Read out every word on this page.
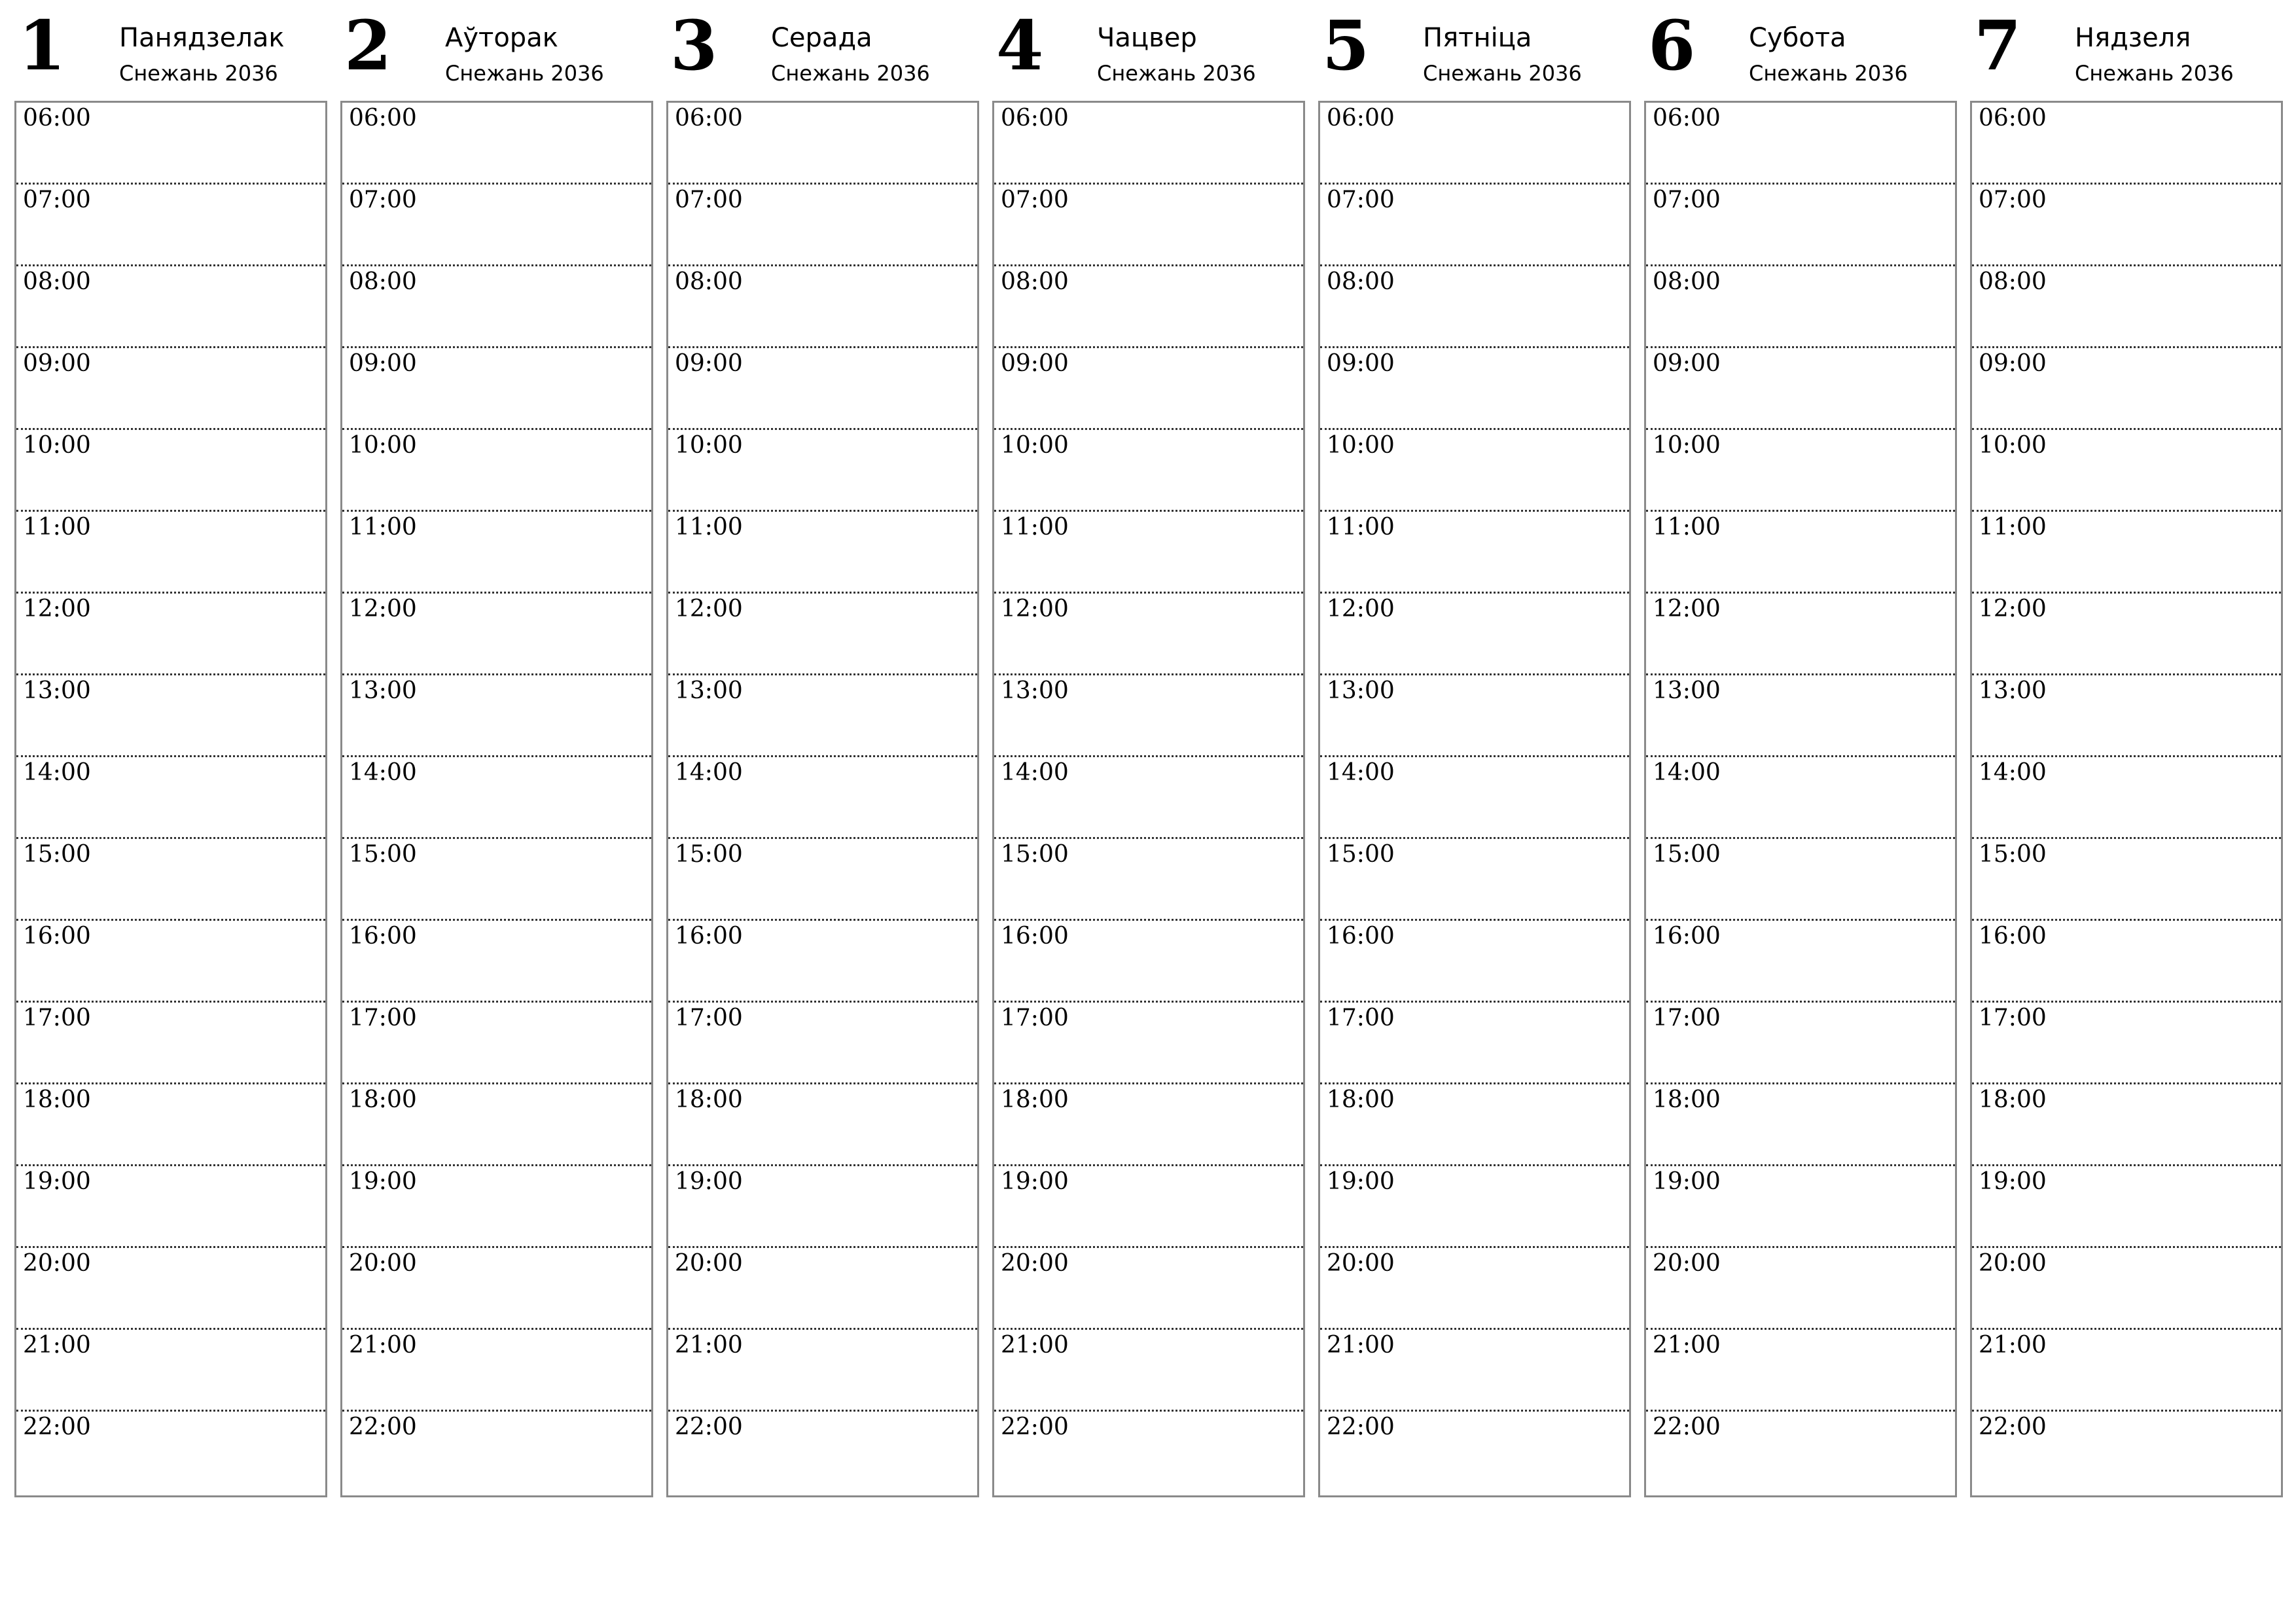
1 Панядзелак
Снежань 2036
06:00
07:00
08:00
09:00
10:00
11:00
12:00
13:00
14:00
15:00
16:00
17:00
18:00
19:00
20:00
21:00
22:00
2 Аўторак
Снежань 2036
06:00
07:00
08:00
09:00
10:00
11:00
12:00
13:00
14:00
15:00
16:00
17:00
18:00
19:00
20:00
21:00
22:00
3 Серада
Снежань 2036
06:00
07:00
08:00
09:00
10:00
11:00
12:00
13:00
14:00
15:00
16:00
17:00
18:00
19:00
20:00
21:00
22:00
4 Чацвер
Снежань 2036
06:00
07:00
08:00
09:00
10:00
11:00
12:00
13:00
14:00
15:00
16:00
17:00
18:00
19:00
20:00
21:00
22:00
5 Пятніца
Снежань 2036
06:00
07:00
08:00
09:00
10:00
11:00
12:00
13:00
14:00
15:00
16:00
17:00
18:00
19:00
20:00
21:00
22:00
6 Субота
Снежань 2036
06:00
07:00
08:00
09:00
10:00
11:00
12:00
13:00
14:00
15:00
16:00
17:00
18:00
19:00
20:00
21:00
22:00
7 Нядзеля
Снежань 2036
06:00
07:00
08:00
09:00
10:00
11:00
12:00
13:00
14:00
15:00
16:00
17:00
18:00
19:00
20:00
21:00
22:00
